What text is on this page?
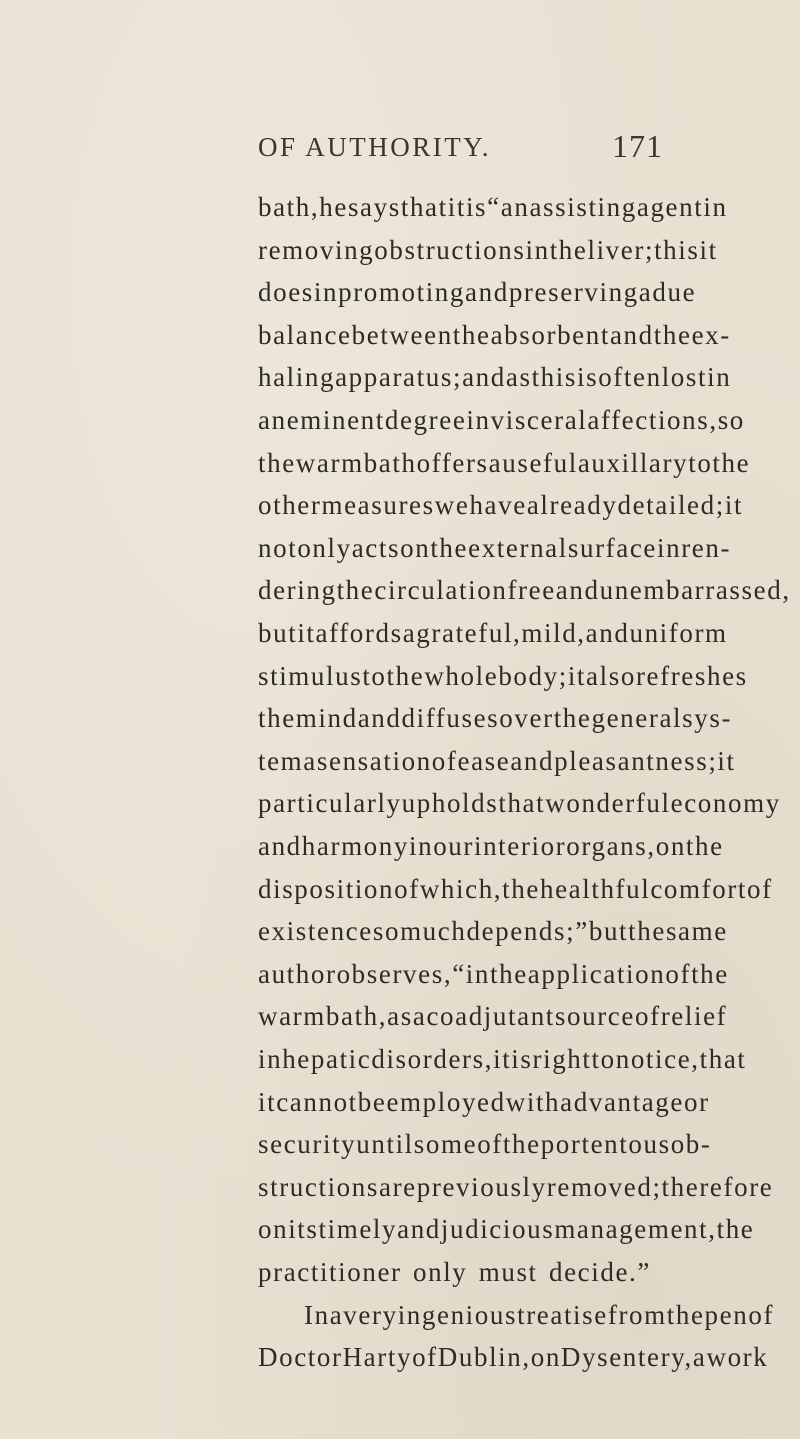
OF AUTHORITY.	171
bath, he says that it is “ an assisting agent in
removing obstructions in the liver ; this it
does in promoting and preserving a due
balance between the absorbent and the ex-
haling apparatus ; and as this is often lost in
an eminent degree in visceral affections, so
the warm bath offers a useful auxillary to the
other measures we have already detailed ; it
not only acts on the external surface in ren-
dering the circulation free and unembarrassed,
but it affords a grateful, mild, and uniform
stimulus to the whole body ; it also refreshes
the mind and diffuses over the general sys-
tem a sensation of ease and pleasantness ; it
particularly upholds that wonderful economy
and harmony in our interior organs, on the
disposition of which, the healthful comfort of
existence so much depends ;” but the same
author observes, “ in the application of the
warm bath, as a coadjutant source of relief
in hepatic disorders, it is right to notice, that
it cannot be employed with advantage or
security until some of the portentous ob-
structions are previously removed ; therefore
on its timely and judicious management, the
practitioner only must decide.”
In a very ingenious treatise from the pen of
Doctor Harty of Dublin, on Dysentery, a work
